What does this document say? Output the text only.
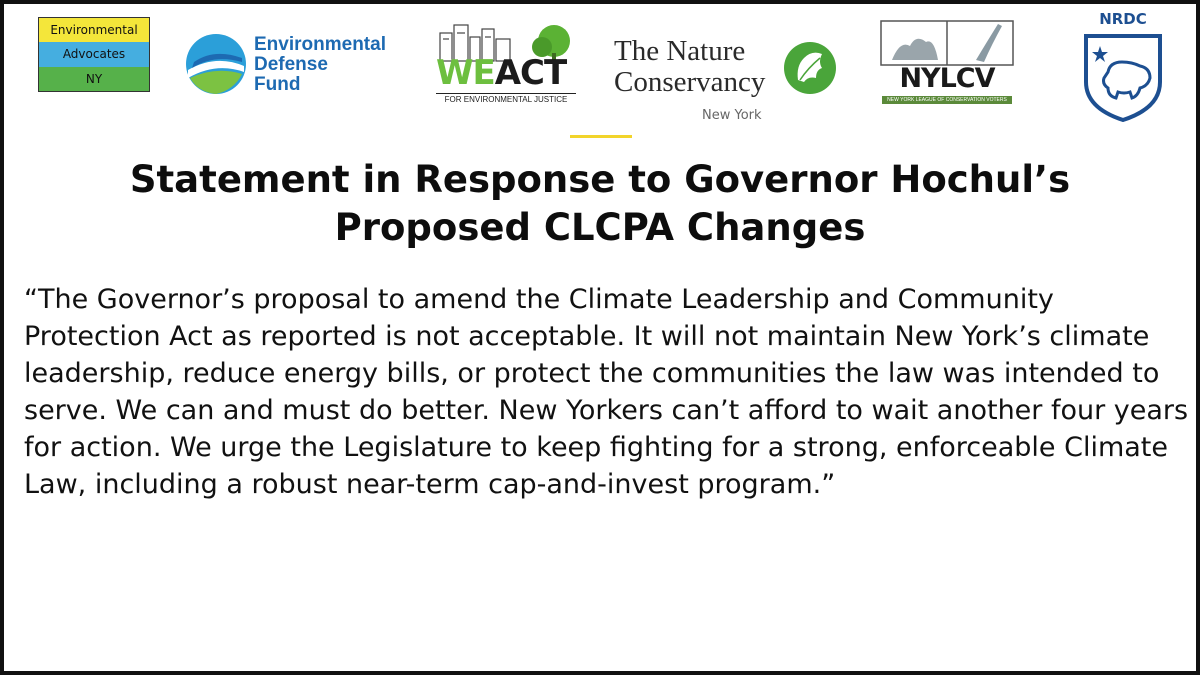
Environmental
Advocates
NY
Environmental
Defense
Fund	WEACT
FOR ENVIRONMENTAL JUSTICE
The Nature
Conservancy
New York
NYLCV
NEW YORK LEAGUE OF CONSERVATION VOTERS
NRDC
Statement in Response to Governor Hochul’s
Proposed CLCPA Changes

“The Governor’s proposal to amend the Climate Leadership and Community Protection Act as reported is not acceptable. It will not maintain New York’s climate leadership, reduce energy bills, or protect the communities the law was intended to serve. We can and must do better. New Yorkers can’t afford to wait another four years for action. We urge the Legislature to keep fighting for a strong, enforceable Climate Law, including a robust near-term cap-and-invest program.”
